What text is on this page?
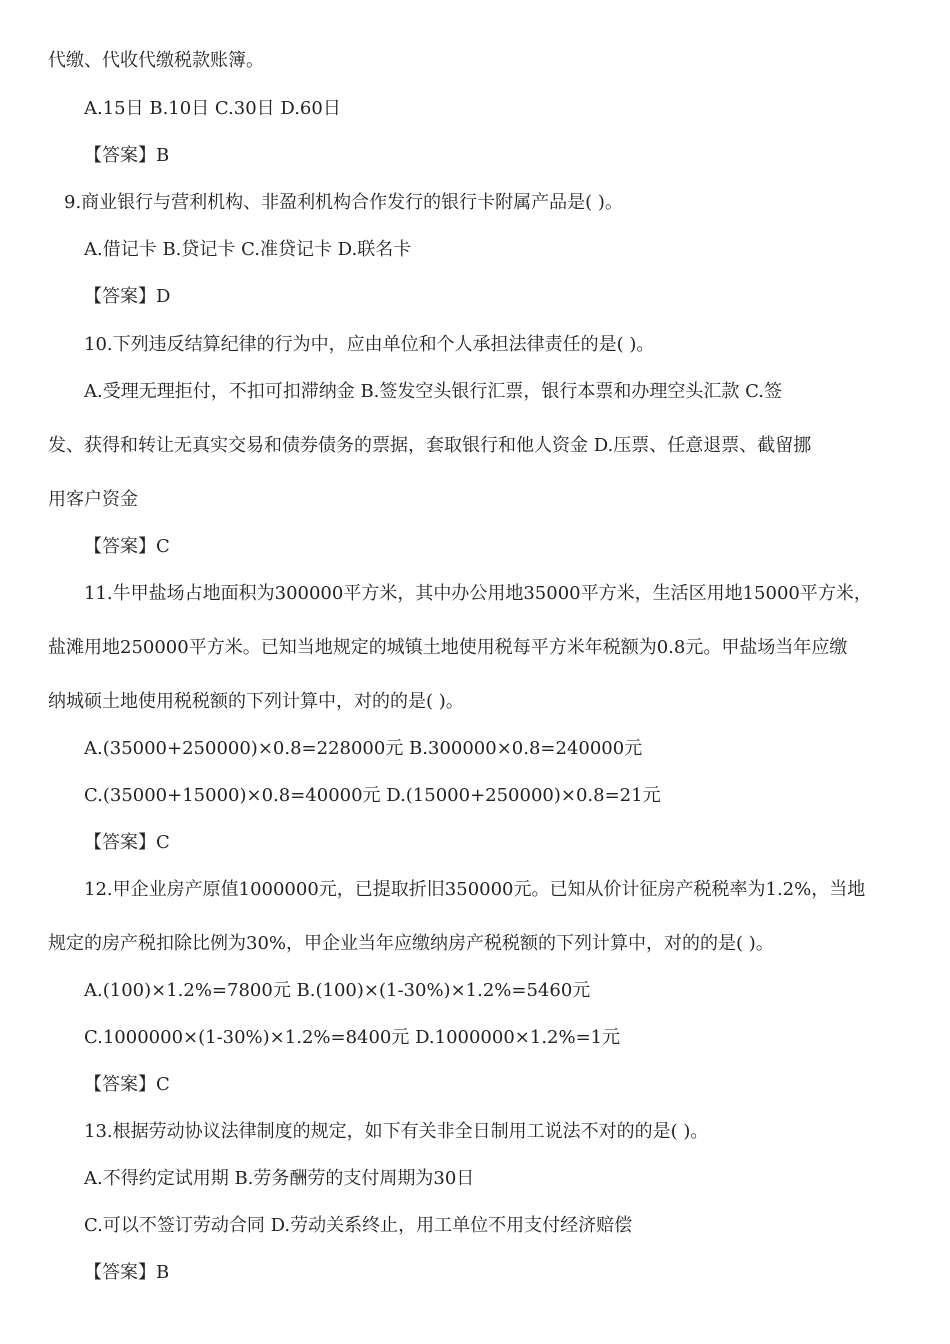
代缴、代收代缴税款账簿。
A.15日 B.10日 C.30日 D.60日
【答案】B
9.商业银行与营利机构、非盈利机构合作发行的银行卡附属产品是( )。
A.借记卡 B.贷记卡 C.准贷记卡 D.联名卡
【答案】D
10.下列违反结算纪律的行为中，应由单位和个人承担法律责任的是( )。
A.受理无理拒付，不扣可扣滞纳金 B.签发空头银行汇票，银行本票和办理空头汇款 C.签
发、获得和转让无真实交易和债券债务的票据，套取银行和他人资金 D.压票、任意退票、截留挪
用客户资金
【答案】C
11.牛甲盐场占地面积为300000平方米，其中办公用地35000平方米，生活区用地15000平方米，
盐滩用地250000平方米。已知当地规定的城镇土地使用税每平方米年税额为0.8元。甲盐场当年应缴
纳城硕土地使用税税额的下列计算中，对的的是( )。
A.(35000+250000)×0.8=228000元 B.300000×0.8=240000元
C.(35000+15000)×0.8=40000元 D.(15000+250000)×0.8=21元
【答案】C
12.甲企业房产原值1000000元，已提取折旧350000元。已知从价计征房产税税率为1.2%，当地
规定的房产税扣除比例为30%，甲企业当年应缴纳房产税税额的下列计算中，对的的是( )。
A.(100)×1.2%=7800元 B.(100)×(1-30%)×1.2%=5460元
C.1000000×(1-30%)×1.2%=8400元 D.1000000×1.2%=1元
【答案】C
13.根据劳动协议法律制度的规定，如下有关非全日制用工说法不对的的是( )。
A.不得约定试用期 B.劳务酬劳的支付周期为30日
C.可以不签订劳动合同 D.劳动关系终止，用工单位不用支付经济赔偿
【答案】B
